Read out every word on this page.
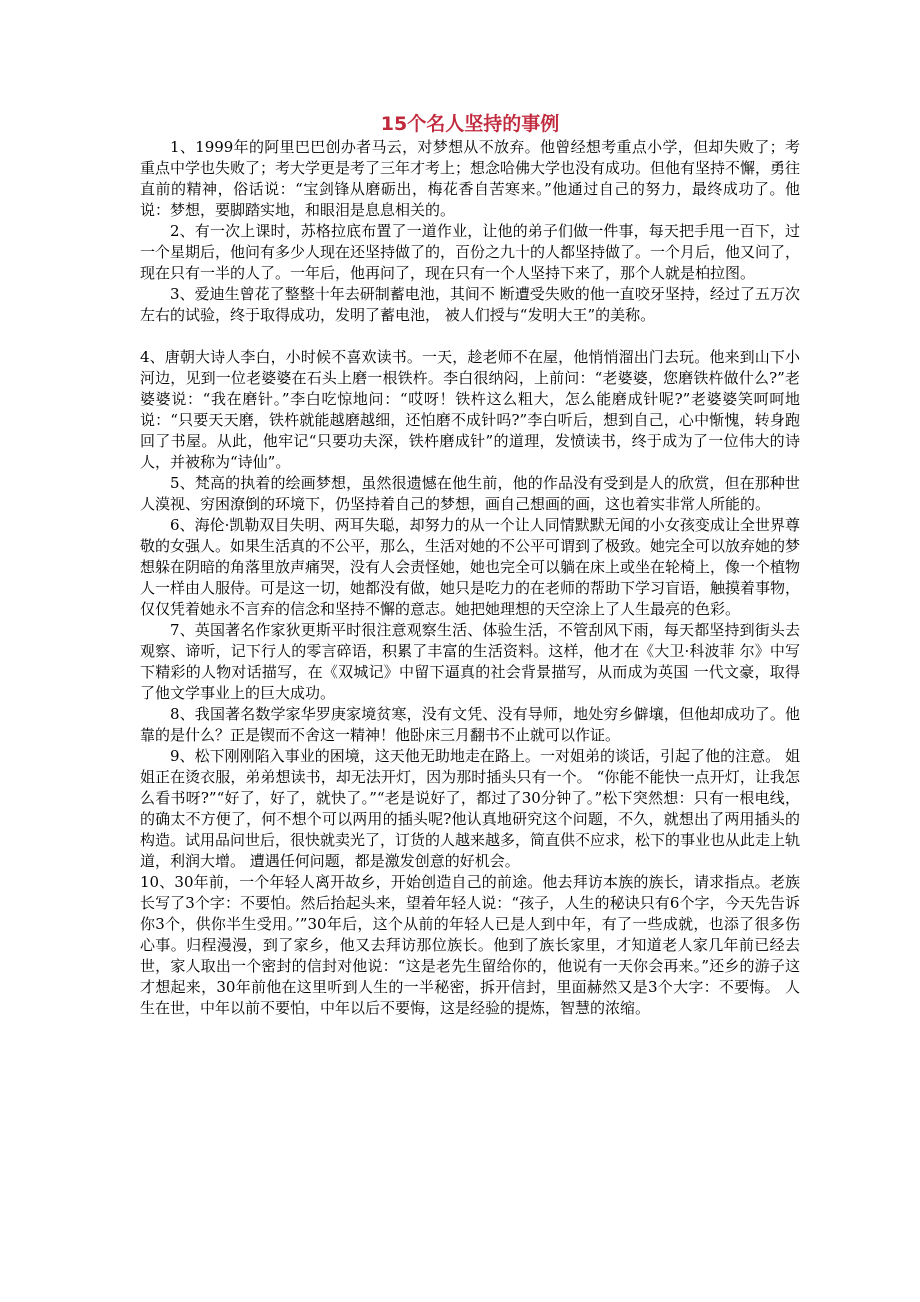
15个名人坚持的事例

1、1999年的阿里巴巴创办者马云，对梦想从不放弃。他曾经想考重点小学，但却失败了；考重点中学也失败了；考大学更是考了三年才考上；想念哈佛大学也没有成功。但他有坚持不懈，勇往直前的精神，俗话说：“宝剑锋从磨砺出，梅花香自苦寒来。”他通过自己的努力，最终成功了。他说：梦想，要脚踏实地，和眼泪是息息相关的。

2、有一次上课时，苏格拉底布置了一道作业，让他的弟子们做一件事，每天把手甩一百下，过一个星期后，他问有多少人现在还坚持做了的，百份之九十的人都坚持做了。一个月后，他又问了，现在只有一半的人了。一年后，他再问了，现在只有一个人坚持下来了，那个人就是柏拉图。

3、爱迪生曾花了整整十年去研制蓄电池，其间不 断遭受失败的他一直咬牙坚持，经过了五万次左右的试验，终于取得成功，发明了蓄电池， 被人们授与“发明大王”的美称。

4、唐朝大诗人李白，小时候不喜欢读书。一天，趁老师不在屋，他悄悄溜出门去玩。他来到山下小河边，见到一位老婆婆在石头上磨一根铁杵。李白很纳闷，上前问：“老婆婆，您磨铁杵做什么?”老婆婆说：“我在磨针。”李白吃惊地问：“哎呀！铁杵这么粗大，怎么能磨成针呢?”老婆婆笑呵呵地说：“只要天天磨，铁杵就能越磨越细，还怕磨不成针吗?”李白听后，想到自己，心中惭愧，转身跑回了书屋。从此，他牢记“只要功夫深，铁杵磨成针”的道理，发愤读书，终于成为了一位伟大的诗人，并被称为“诗仙”。

5、梵高的执着的绘画梦想，虽然很遗憾在他生前，他的作品没有受到是人的欣赏，但在那种世人漠视、穷困潦倒的环境下，仍坚持着自己的梦想，画自己想画的画，这也着实非常人所能的。

6、海伦·凯勒双目失明、两耳失聪，却努力的从一个让人同情默默无闻的小女孩变成让全世界尊敬的女强人。如果生活真的不公平，那么，生活对她的不公平可谓到了极致。她完全可以放弃她的梦想躲在阴暗的角落里放声痛哭，没有人会责怪她，她也完全可以躺在床上或坐在轮椅上，像一个植物人一样由人服侍。可是这一切，她都没有做，她只是吃力的在老师的帮助下学习盲语，触摸着事物，仅仅凭着她永不言弃的信念和坚持不懈的意志。她把她理想的天空涂上了人生最亮的色彩。

7、英国著名作家狄更斯平时很注意观察生活、体验生活，不管刮风下雨，每天都坚持到街头去 观察、谛听，记下行人的零言碎语，积累了丰富的生活资料。这样，他才在《大卫·科波菲 尔》中写下精彩的人物对话描写，在《双城记》中留下逼真的社会背景描写，从而成为英国 一代文豪，取得了他文学事业上的巨大成功。

8、我国著名数学家华罗庚家境贫寒，没有文凭、没有导师，地处穷乡僻壤，但他却成功了。他靠的是什么？正是锲而不舍这一精神！他卧床三月翻书不止就可以作证。

9、松下刚刚陷入事业的困境，这天他无助地走在路上。一对姐弟的谈话，引起了他的注意。 姐姐正在烫衣服，弟弟想读书，却无法开灯，因为那时插头只有一个。 “你能不能快一点开灯，让我怎么看书呀?”“好了，好了，就快了。”“老是说好了，都过了30分钟了。”松下突然想：只有一根电线，的确太不方便了，何不想个可以两用的插头呢?他认真地研究这个问题，不久，就想出了两用插头的构造。试用品问世后，很快就卖光了，订货的人越来越多，简直供不应求，松下的事业也从此走上轨道，利润大增。 遭遇任何问题，都是激发创意的好机会。

10、30年前，一个年轻人离开故乡，开始创造自己的前途。他去拜访本族的族长，请求指点。老族长写了3个字：不要怕。然后抬起头来，望着年轻人说：“孩子，人生的秘诀只有6个字，今天先告诉你3个，供你半生受用。’”30年后，这个从前的年轻人已是人到中年，有了一些成就，也添了很多伤心事。归程漫漫，到了家乡，他又去拜访那位族长。他到了族长家里，才知道老人家几年前已经去世，家人取出一个密封的信封对他说：“这是老先生留给你的，他说有一天你会再来。”还乡的游子这才想起来，30年前他在这里听到人生的一半秘密，拆开信封，里面赫然又是3个大字：不要悔。 人生在世，中年以前不要怕，中年以后不要悔，这是经验的提炼，智慧的浓缩。
